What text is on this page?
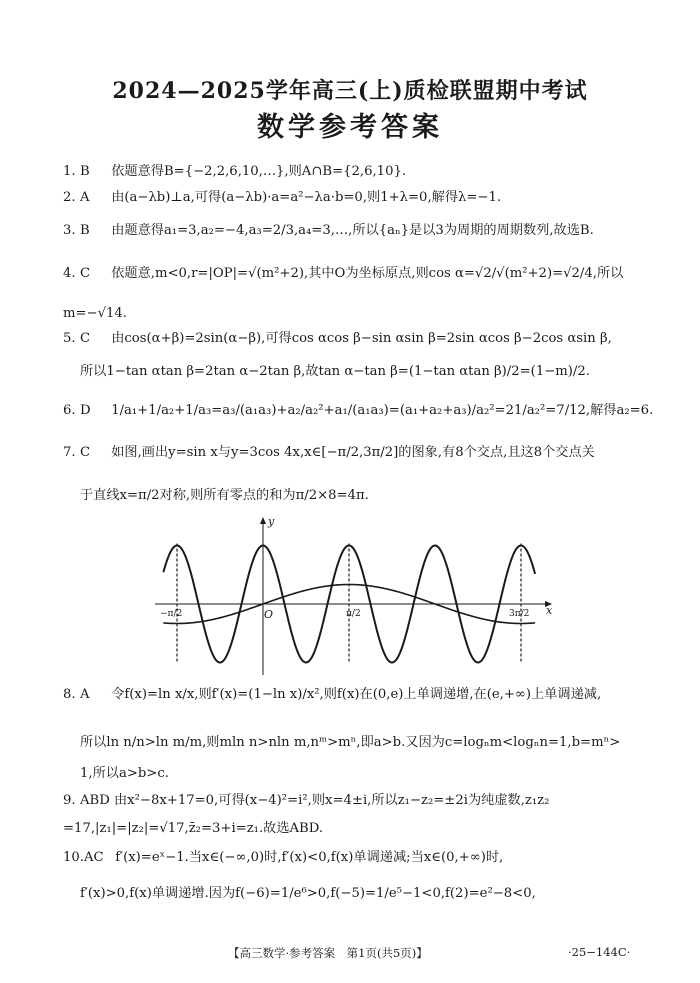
2024—2025学年高三(上)质检联盟期中考试
数学参考答案
1. B 依题意得B={−2,2,6,10,…},则A∩B={2,6,10}.
2. A 由(a−λb)⊥a,可得(a−λb)·a=a²−λa·b=0,则1+λ=0,解得λ=−1.
3. B 由题意得a₁=3,a₂=−4,a₃=2/3,a₄=3,…,所以{aₙ}是以3为周期的周期数列,故选B.
4. C 依题意,m<0,r=|OP|=√(m²+2),其中O为坐标原点,则cos α=√2/√(m²+2)=√2/4,所以
m=−√14.
5. C 由cos(α+β)=2sin(α−β),可得cos αcos β−sin αsin β=2sin αcos β−2cos αsin β,
所以1−tan αtan β=2tan α−2tan β,故tan α−tan β=(1−tan αtan β)/2=(1−m)/2.
6. D 1/a₁+1/a₂+1/a₃=a₃/(a₁a₃)+a₂/a₂²+a₁/(a₁a₃)=(a₁+a₂+a₃)/a₂²=21/a₂²=7/12,解得a₂=6.
7. C 如图,画出y=sin x与y=3cos 4x,x∈[−π/2,3π/2]的图象,有8个交点,且这8个交点关
于直线x=π/2对称,则所有零点的和为π/2×8=4π.
y
x
O
−π/2	π/2	3π/2
8. A 令f(x)=ln x/x,则f′(x)=(1−ln x)/x²,则f(x)在(0,e)上单调递增,在(e,+∞)上单调递减,
所以ln n/n>ln m/m,则mln n>nln m,nᵐ>mⁿ,即a>b.又因为c=logₙm<logₙn=1,b=mⁿ>
1,所以a>b>c.
9. ABD 由x²−8x+17=0,可得(x−4)²=i²,则x=4±i,所以z₁−z₂=±2i为纯虚数,z₁z₂
=17,|z₁|=|z₂|=√17,z̄₂=3+i=z₁.故选ABD.
10.AC f′(x)=eˣ−1.当x∈(−∞,0)时,f′(x)<0,f(x)单调递减;当x∈(0,+∞)时,
f′(x)>0,f(x)单调递增.因为f(−6)=1/e⁶>0,f(−5)=1/e⁵−1<0,f(2)=e²−8<0,
【高三数学·参考答案　第1页(共5页)】	·25−144C·
